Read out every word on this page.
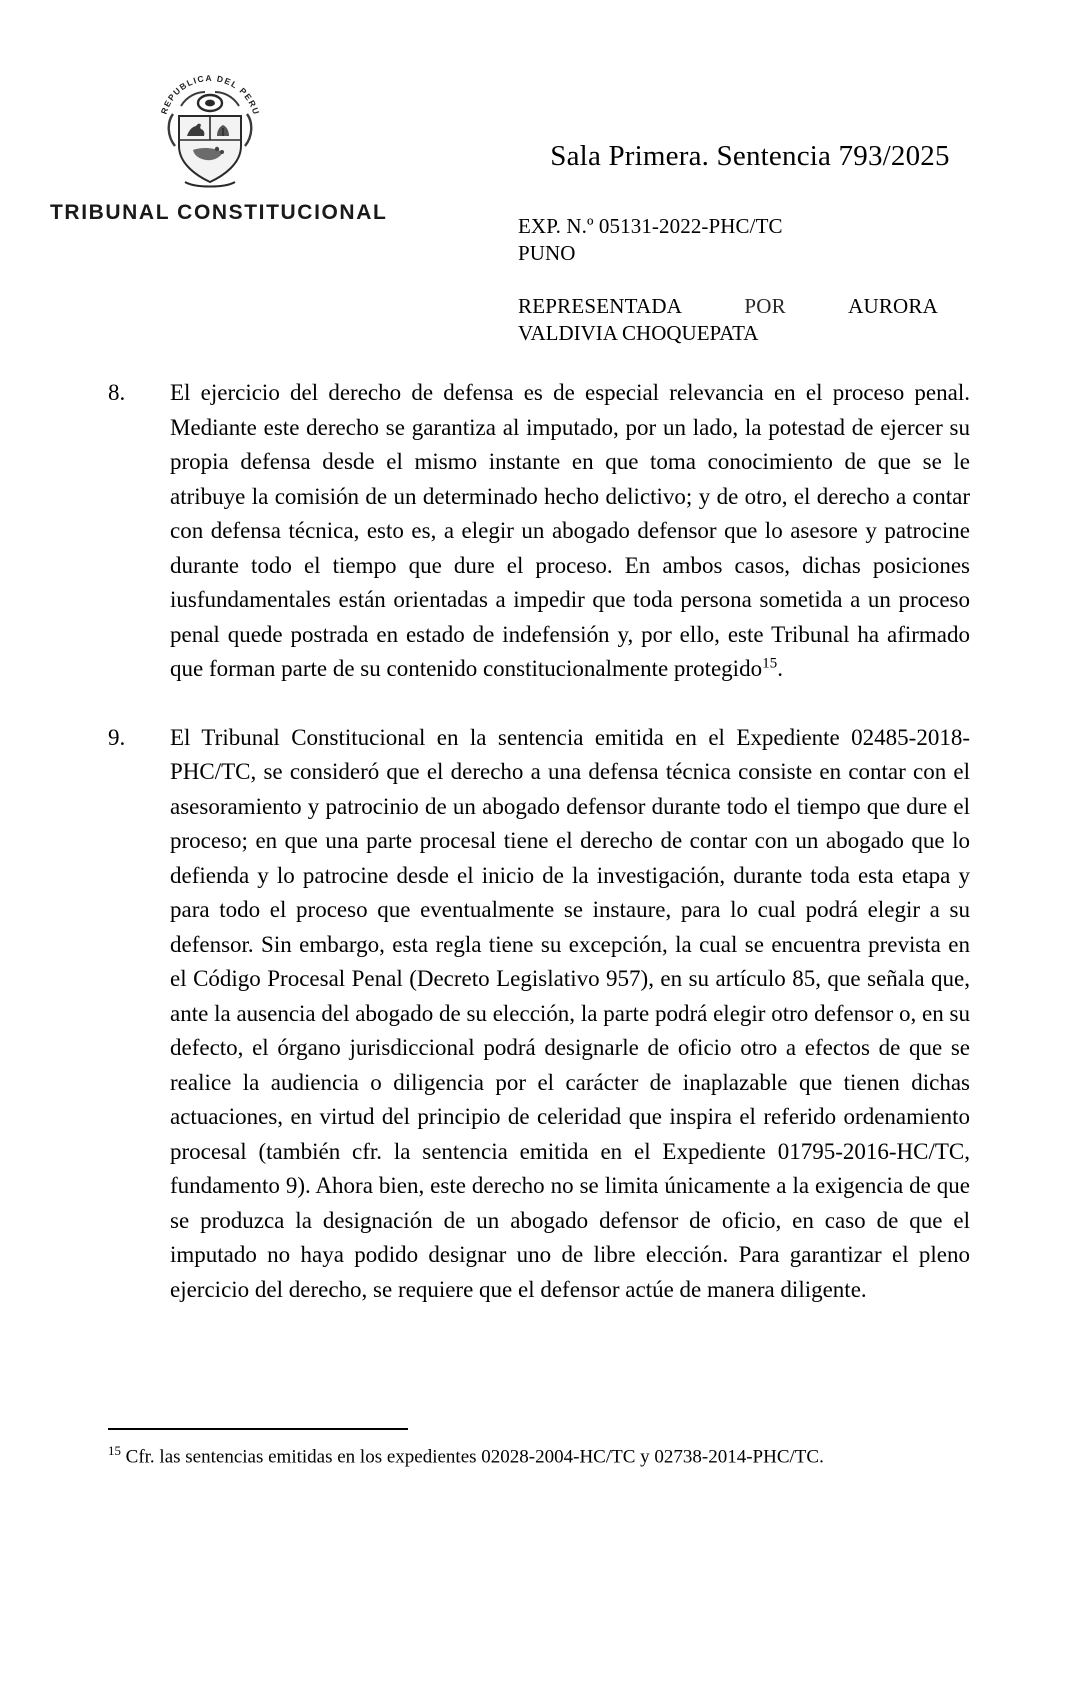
REPUBLICA DEL PERU
TRIBUNAL CONSTITUCIONAL
Sala Primera. Sentencia 793/2025
EXP. N.º 05131-2022-PHC/TC
PUNO
REPRESENTADA	POR	AURORA
VALDIVIA CHOQUEPATA
8.	El ejercicio del derecho de defensa es de especial relevancia en el proceso penal. Mediante este derecho se garantiza al imputado, por un lado, la potestad de ejercer su propia defensa desde el mismo instante en que toma conocimiento de que se le atribuye la comisión de un determinado hecho delictivo; y de otro, el derecho a contar con defensa técnica, esto es, a elegir un abogado defensor que lo asesore y patrocine durante todo el tiempo que dure el proceso. En ambos casos, dichas posiciones iusfundamentales están orientadas a impedir que toda persona sometida a un proceso penal quede postrada en estado de indefensión y, por ello, este Tribunal ha afirmado que forman parte de su contenido constitucionalmente protegido$^{15}$.
9.	El Tribunal Constitucional en la sentencia emitida en el Expediente 02485-2018-PHC/TC, se consideró que el derecho a una defensa técnica consiste en contar con el asesoramiento y patrocinio de un abogado defensor durante todo el tiempo que dure el proceso; en que una parte procesal tiene el derecho de contar con un abogado que lo defienda y lo patrocine desde el inicio de la investigación, durante toda esta etapa y para todo el proceso que eventualmente se instaure, para lo cual podrá elegir a su defensor. Sin embargo, esta regla tiene su excepción, la cual se encuentra prevista en el Código Procesal Penal (Decreto Legislativo 957), en su artículo 85, que señala que, ante la ausencia del abogado de su elección, la parte podrá elegir otro defensor o, en su defecto, el órgano jurisdiccional podrá designarle de oficio otro a efectos de que se realice la audiencia o diligencia por el carácter de inaplazable que tienen dichas actuaciones, en virtud del principio de celeridad que inspira el referido ordenamiento procesal (también cfr. la sentencia emitida en el Expediente 01795-2016-HC/TC, fundamento 9). Ahora bien, este derecho no se limita únicamente a la exigencia de que se produzca la designación de un abogado defensor de oficio, en caso de que el imputado no haya podido designar uno de libre elección. Para garantizar el pleno ejercicio del derecho, se requiere que el defensor actúe de manera diligente.
$^{15}$ Cfr. las sentencias emitidas en los expedientes 02028-2004-HC/TC y 02738-2014-PHC/TC.
